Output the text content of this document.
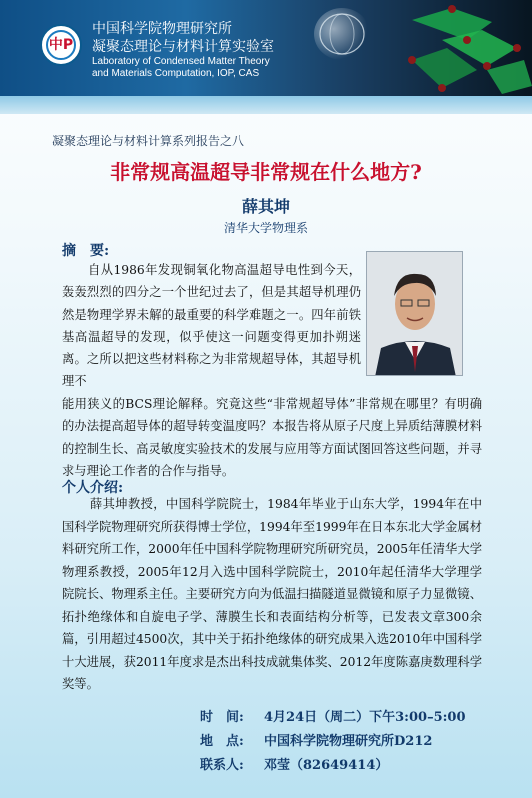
中P
中国科学院物理研究所
凝聚态理论与材料计算实验室
Laboratory of Condensed Matter Theory
and Materials Computation, IOP, CAS
凝聚态理论与材料计算系列报告之八
非常规高温超导非常规在什么地方?
薛其坤
清华大学物理系
摘　要:
自从1986年发现铜氧化物高温超导电性到今天，轰轰烈烈的四分之一个世纪过去了，但是其超导机理仍然是物理学界未解的最重要的科学难题之一。四年前铁基高温超导的发现，似乎使这一问题变得更加扑朔迷离。之所以把这些材料称之为非常规超导体，其超导机理不
能用狭义的BCS理论解释。究竟这些“非常规超导体”非常规在哪里？有明确的办法提高超导体的超导转变温度吗？本报告将从原子尺度上异质结薄膜材料的控制生长、高灵敏度实验技术的发展与应用等方面试图回答这些问题，并寻求与理论工作者的合作与指导。
个人介绍:
薛其坤教授，中国科学院院士，1984年毕业于山东大学，1994年在中国科学院物理研究所获得博士学位，1994年至1999年在日本东北大学金属材料研究所工作，2000年任中国科学院物理研究所研究员，2005年任清华大学物理系教授，2005年12月入选中国科学院院士，2010年起任清华大学理学院院长、物理系主任。主要研究方向为低温扫描隧道显微镜和原子力显微镜、拓扑绝缘体和自旋电子学、薄膜生长和表面结构分析等，已发表文章300余篇，引用超过4500次，其中关于拓扑绝缘体的研究成果入选2010年中国科学十大进展，获2011年度求是杰出科技成就集体奖、2012年度陈嘉庚数理科学奖等。
时　间: 4月24日（周二）下午3:00–5:00
地　点: 中国科学院物理研究所D212
联系人: 邓莹（82649414）
